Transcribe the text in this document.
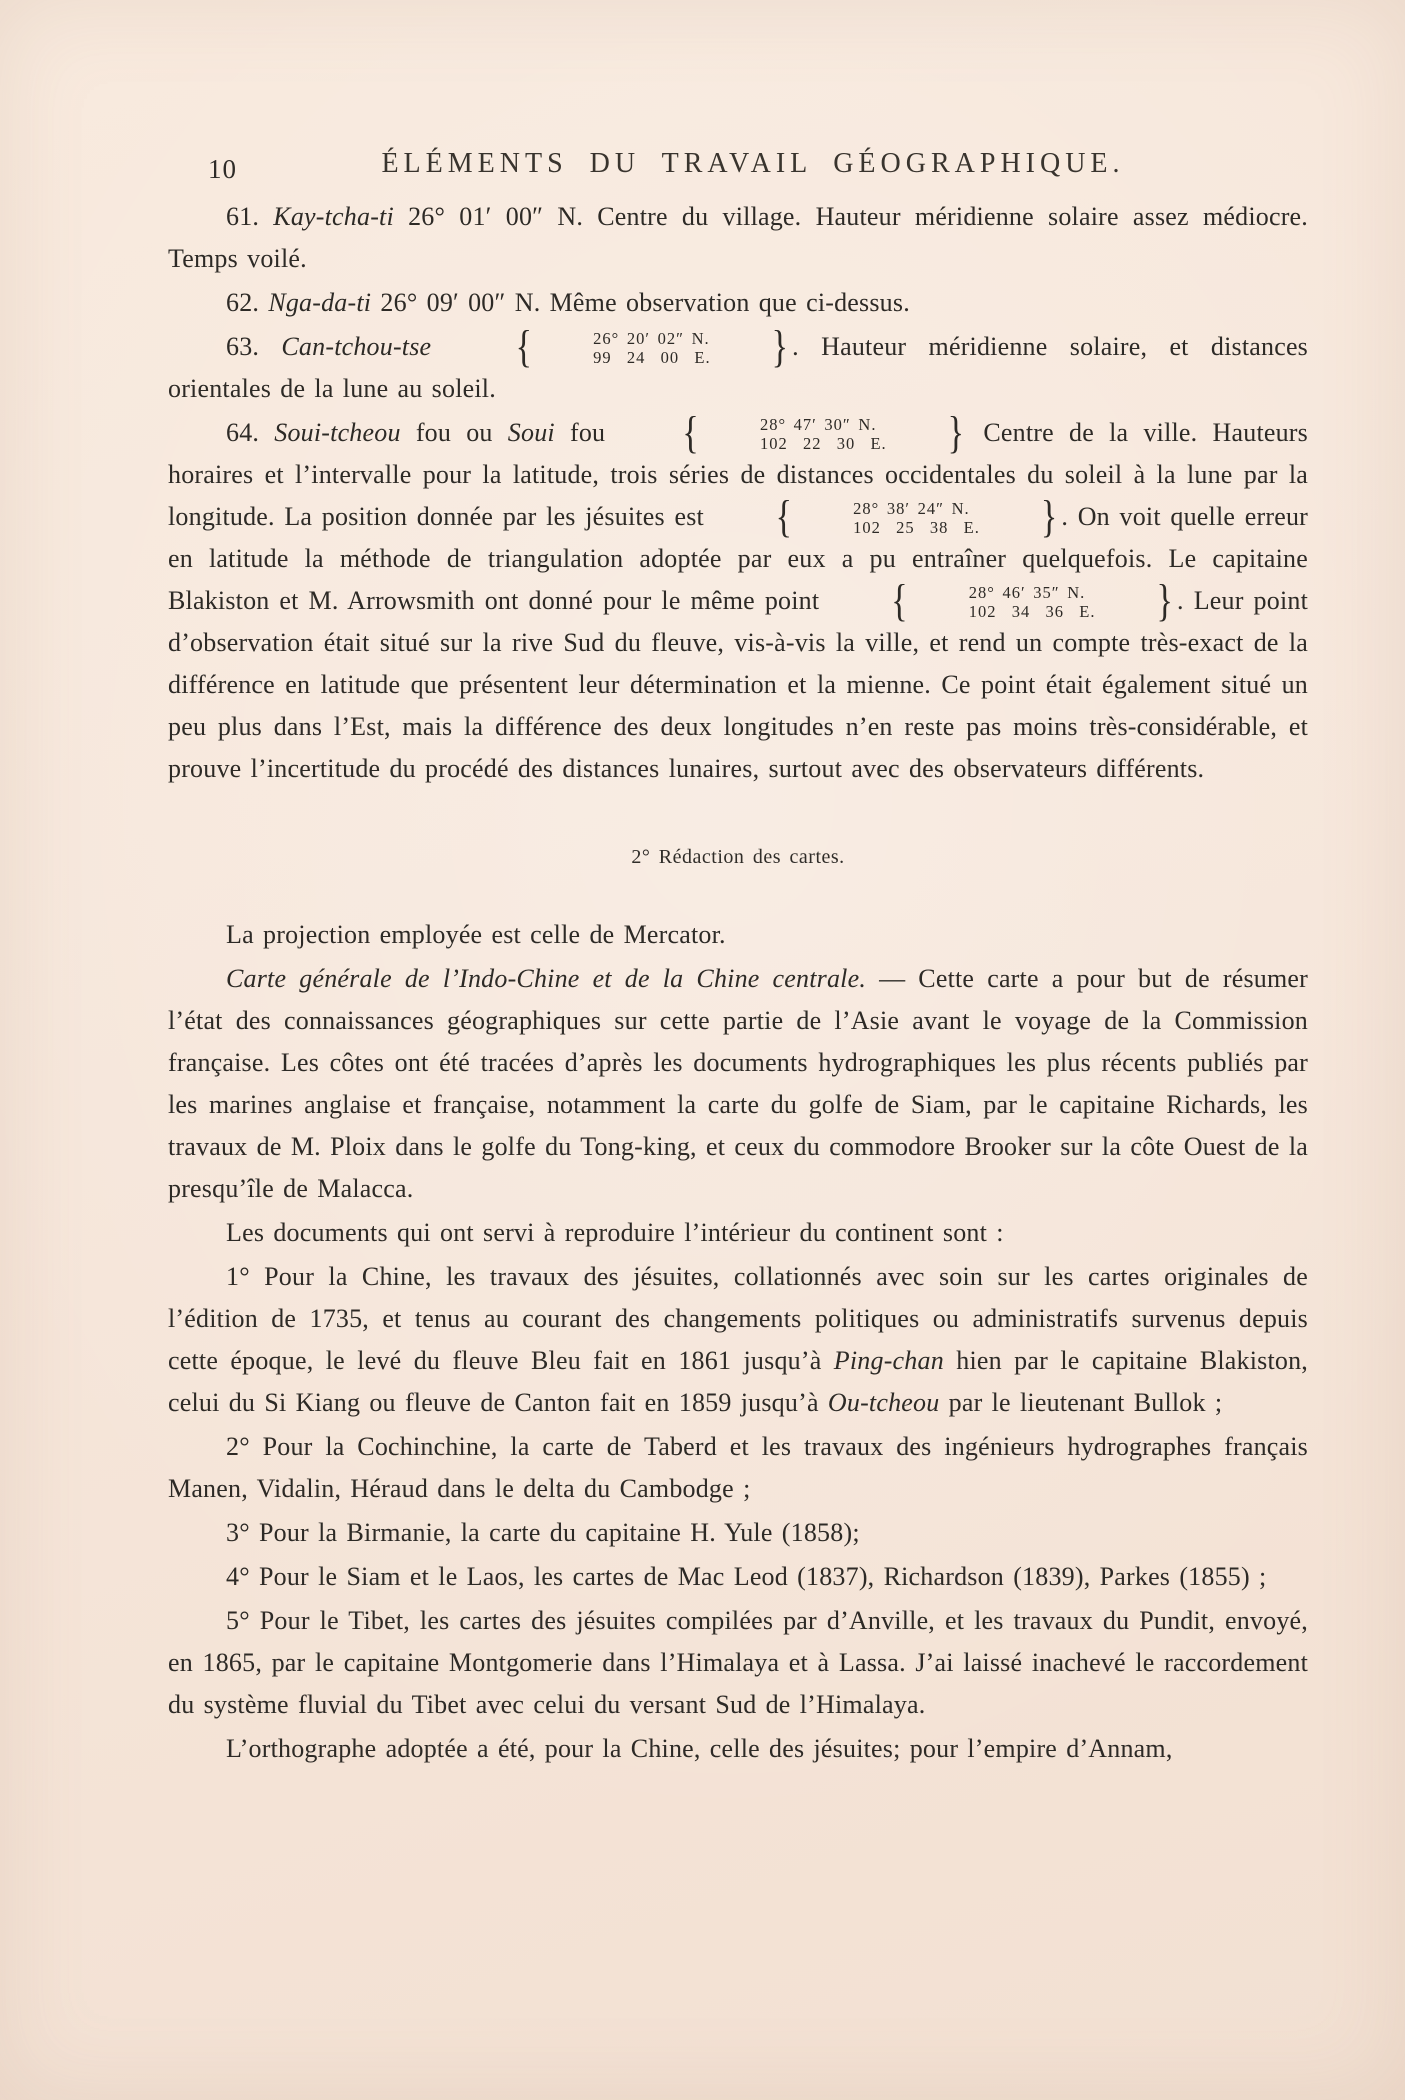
10	ÉLÉMENTS DU TRAVAIL GÉOGRAPHIQUE.

61. Kay-tcha-ti 26° 01′ 00″ N. Centre du village. Hauteur méridienne solaire assez médiocre. Temps voilé.

62. Nga-da-ti 26° 09′ 00″ N. Même observation que ci-dessus.

63. Can-tchou-tse	{	26° 20′ 02″ N.
99  24  00  E.	} . Hauteur méridienne solaire, et distances orientales de la lune au soleil.

64. Soui-tcheou fou ou Soui fou	{	28° 47′ 30″ N.
102  22  30  E.	} Centre de la ville. Hauteurs horaires et l’intervalle pour la latitude, trois séries de distances occidentales du soleil à la lune par la longitude. La position donnée par les jésuites est	{	28° 38′ 24″ N.
102  25  38  E.	} . On voit quelle erreur en latitude la méthode de triangulation adoptée par eux a pu entraîner quelquefois. Le capitaine Blakiston et M. Arrowsmith ont donné pour le même point	{	28° 46′ 35″ N.
102  34  36  E.	} . Leur point d’observation était situé sur la rive Sud du fleuve, vis-à-vis la ville, et rend un compte très-exact de la différence en latitude que présentent leur détermination et la mienne. Ce point était également situé un peu plus dans l’Est, mais la différence des deux longitudes n’en reste pas moins très-considérable, et prouve l’incertitude du procédé des distances lunaires, surtout avec des observateurs différents.

2° Rédaction des cartes.

La projection employée est celle de Mercator.

Carte générale de l’Indo-Chine et de la Chine centrale. — Cette carte a pour but de résumer l’état des connaissances géographiques sur cette partie de l’Asie avant le voyage de la Commission française. Les côtes ont été tracées d’après les documents hydrographiques les plus récents publiés par les marines anglaise et française, notamment la carte du golfe de Siam, par le capitaine Richards, les travaux de M. Ploix dans le golfe du Tong-king, et ceux du commodore Brooker sur la côte Ouest de la presqu’île de Malacca.

Les documents qui ont servi à reproduire l’intérieur du continent sont :

1° Pour la Chine, les travaux des jésuites, collationnés avec soin sur les cartes originales de l’édition de 1735, et tenus au courant des changements politiques ou administratifs survenus depuis cette époque, le levé du fleuve Bleu fait en 1861 jusqu’à Ping-chan hien par le capitaine Blakiston, celui du Si Kiang ou fleuve de Canton fait en 1859 jusqu’à Ou-tcheou par le lieutenant Bullok ;

2° Pour la Cochinchine, la carte de Taberd et les travaux des ingénieurs hydrographes français Manen, Vidalin, Héraud dans le delta du Cambodge ;

3° Pour la Birmanie, la carte du capitaine H. Yule (1858);

4° Pour le Siam et le Laos, les cartes de Mac Leod (1837), Richardson (1839), Parkes (1855) ;

5° Pour le Tibet, les cartes des jésuites compilées par d’Anville, et les travaux du Pundit, envoyé, en 1865, par le capitaine Montgomerie dans l’Himalaya et à Lassa. J’ai laissé inachevé le raccordement du système fluvial du Tibet avec celui du versant Sud de l’Himalaya.

L’orthographe adoptée a été, pour la Chine, celle des jésuites; pour l’empire d’Annam,
